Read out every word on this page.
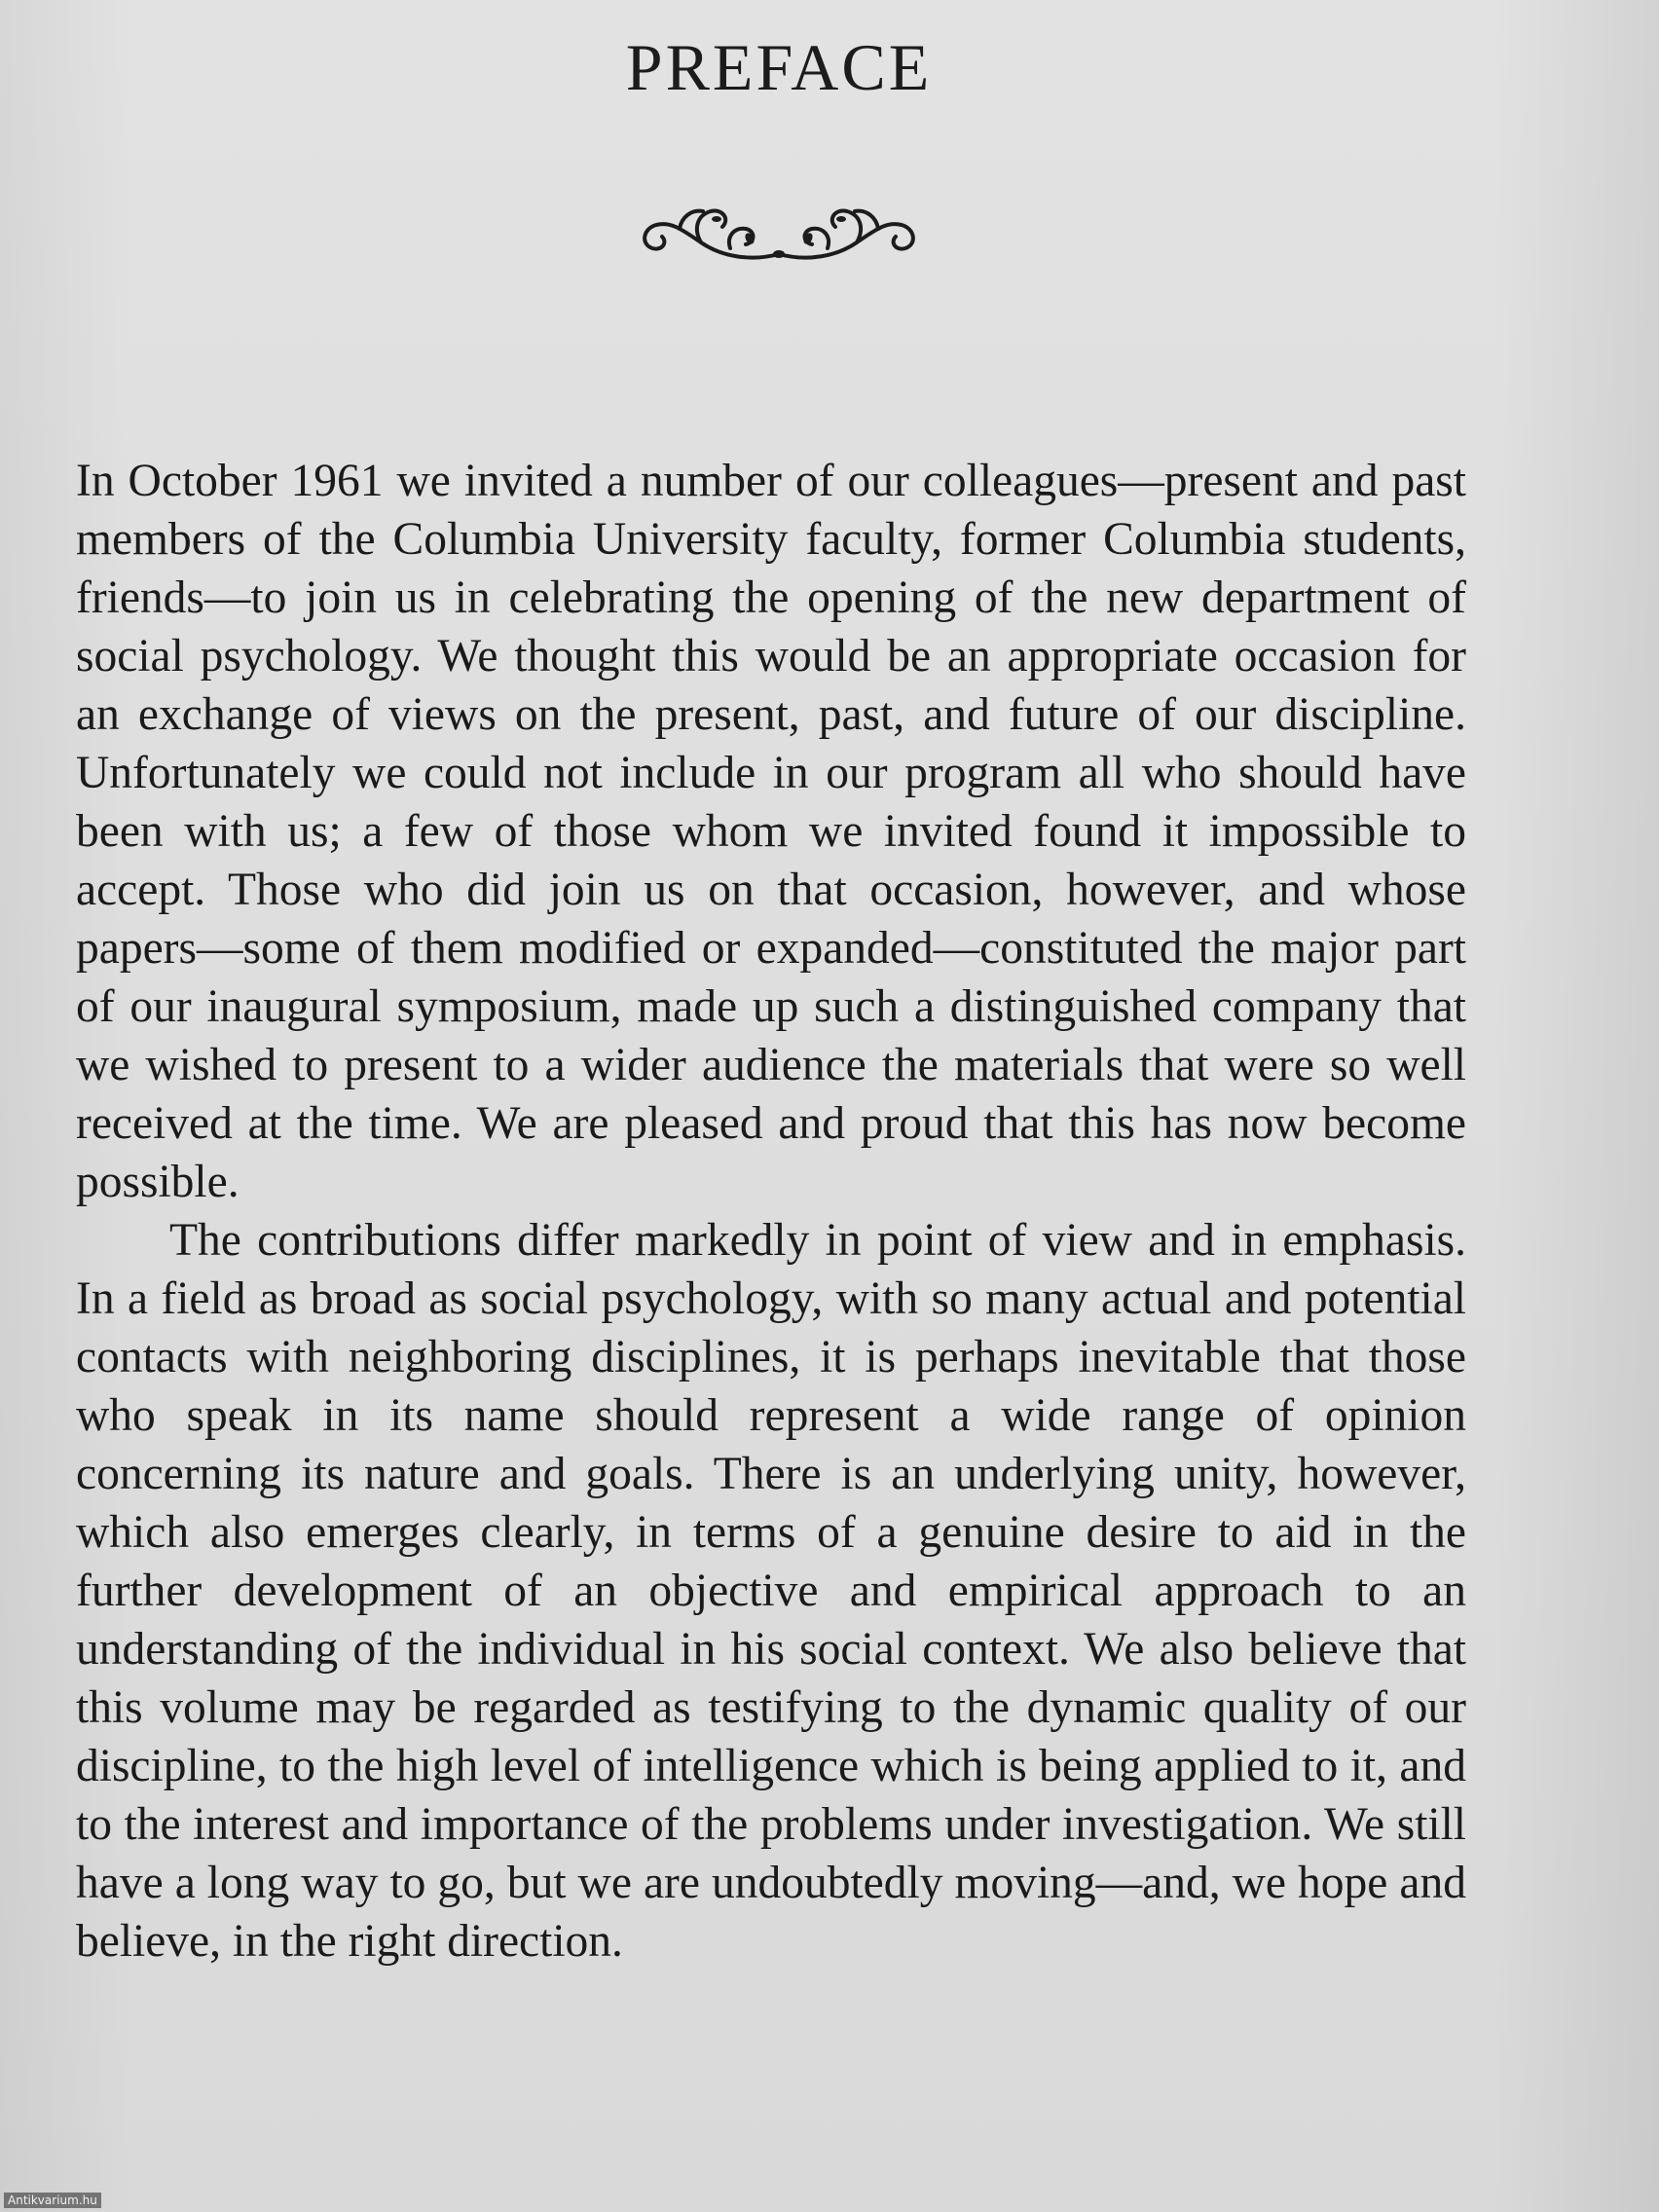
PREFACE

In October 1961 we invited a number of our colleagues—present and past members of the Columbia University faculty, former Columbia students, friends—to join us in celebrating the opening of the new department of social psychology. We thought this would be an appropriate occasion for an exchange of views on the present, past, and future of our discipline. Unfortunately we could not include in our program all who should have been with us; a few of those whom we invited found it impossible to accept. Those who did join us on that occasion, however, and whose papers—some of them modified or expanded—constituted the major part of our inaugural symposium, made up such a distinguished company that we wished to present to a wider audience the materials that were so well received at the time. We are pleased and proud that this has now become possible.

The contributions differ markedly in point of view and in emphasis. In a field as broad as social psychology, with so many actual and potential contacts with neighboring disciplines, it is perhaps inevitable that those who speak in its name should represent a wide range of opinion concerning its nature and goals. There is an underlying unity, however, which also emerges clearly, in terms of a genuine desire to aid in the further development of an objective and empirical approach to an understanding of the individual in his social context. We also believe that this volume may be regarded as testifying to the dynamic quality of our discipline, to the high level of intelligence which is being applied to it, and to the interest and importance of the problems under investigation. We still have a long way to go, but we are undoubtedly moving—and, we hope and believe, in the right direction.

Antikvarium.hu
